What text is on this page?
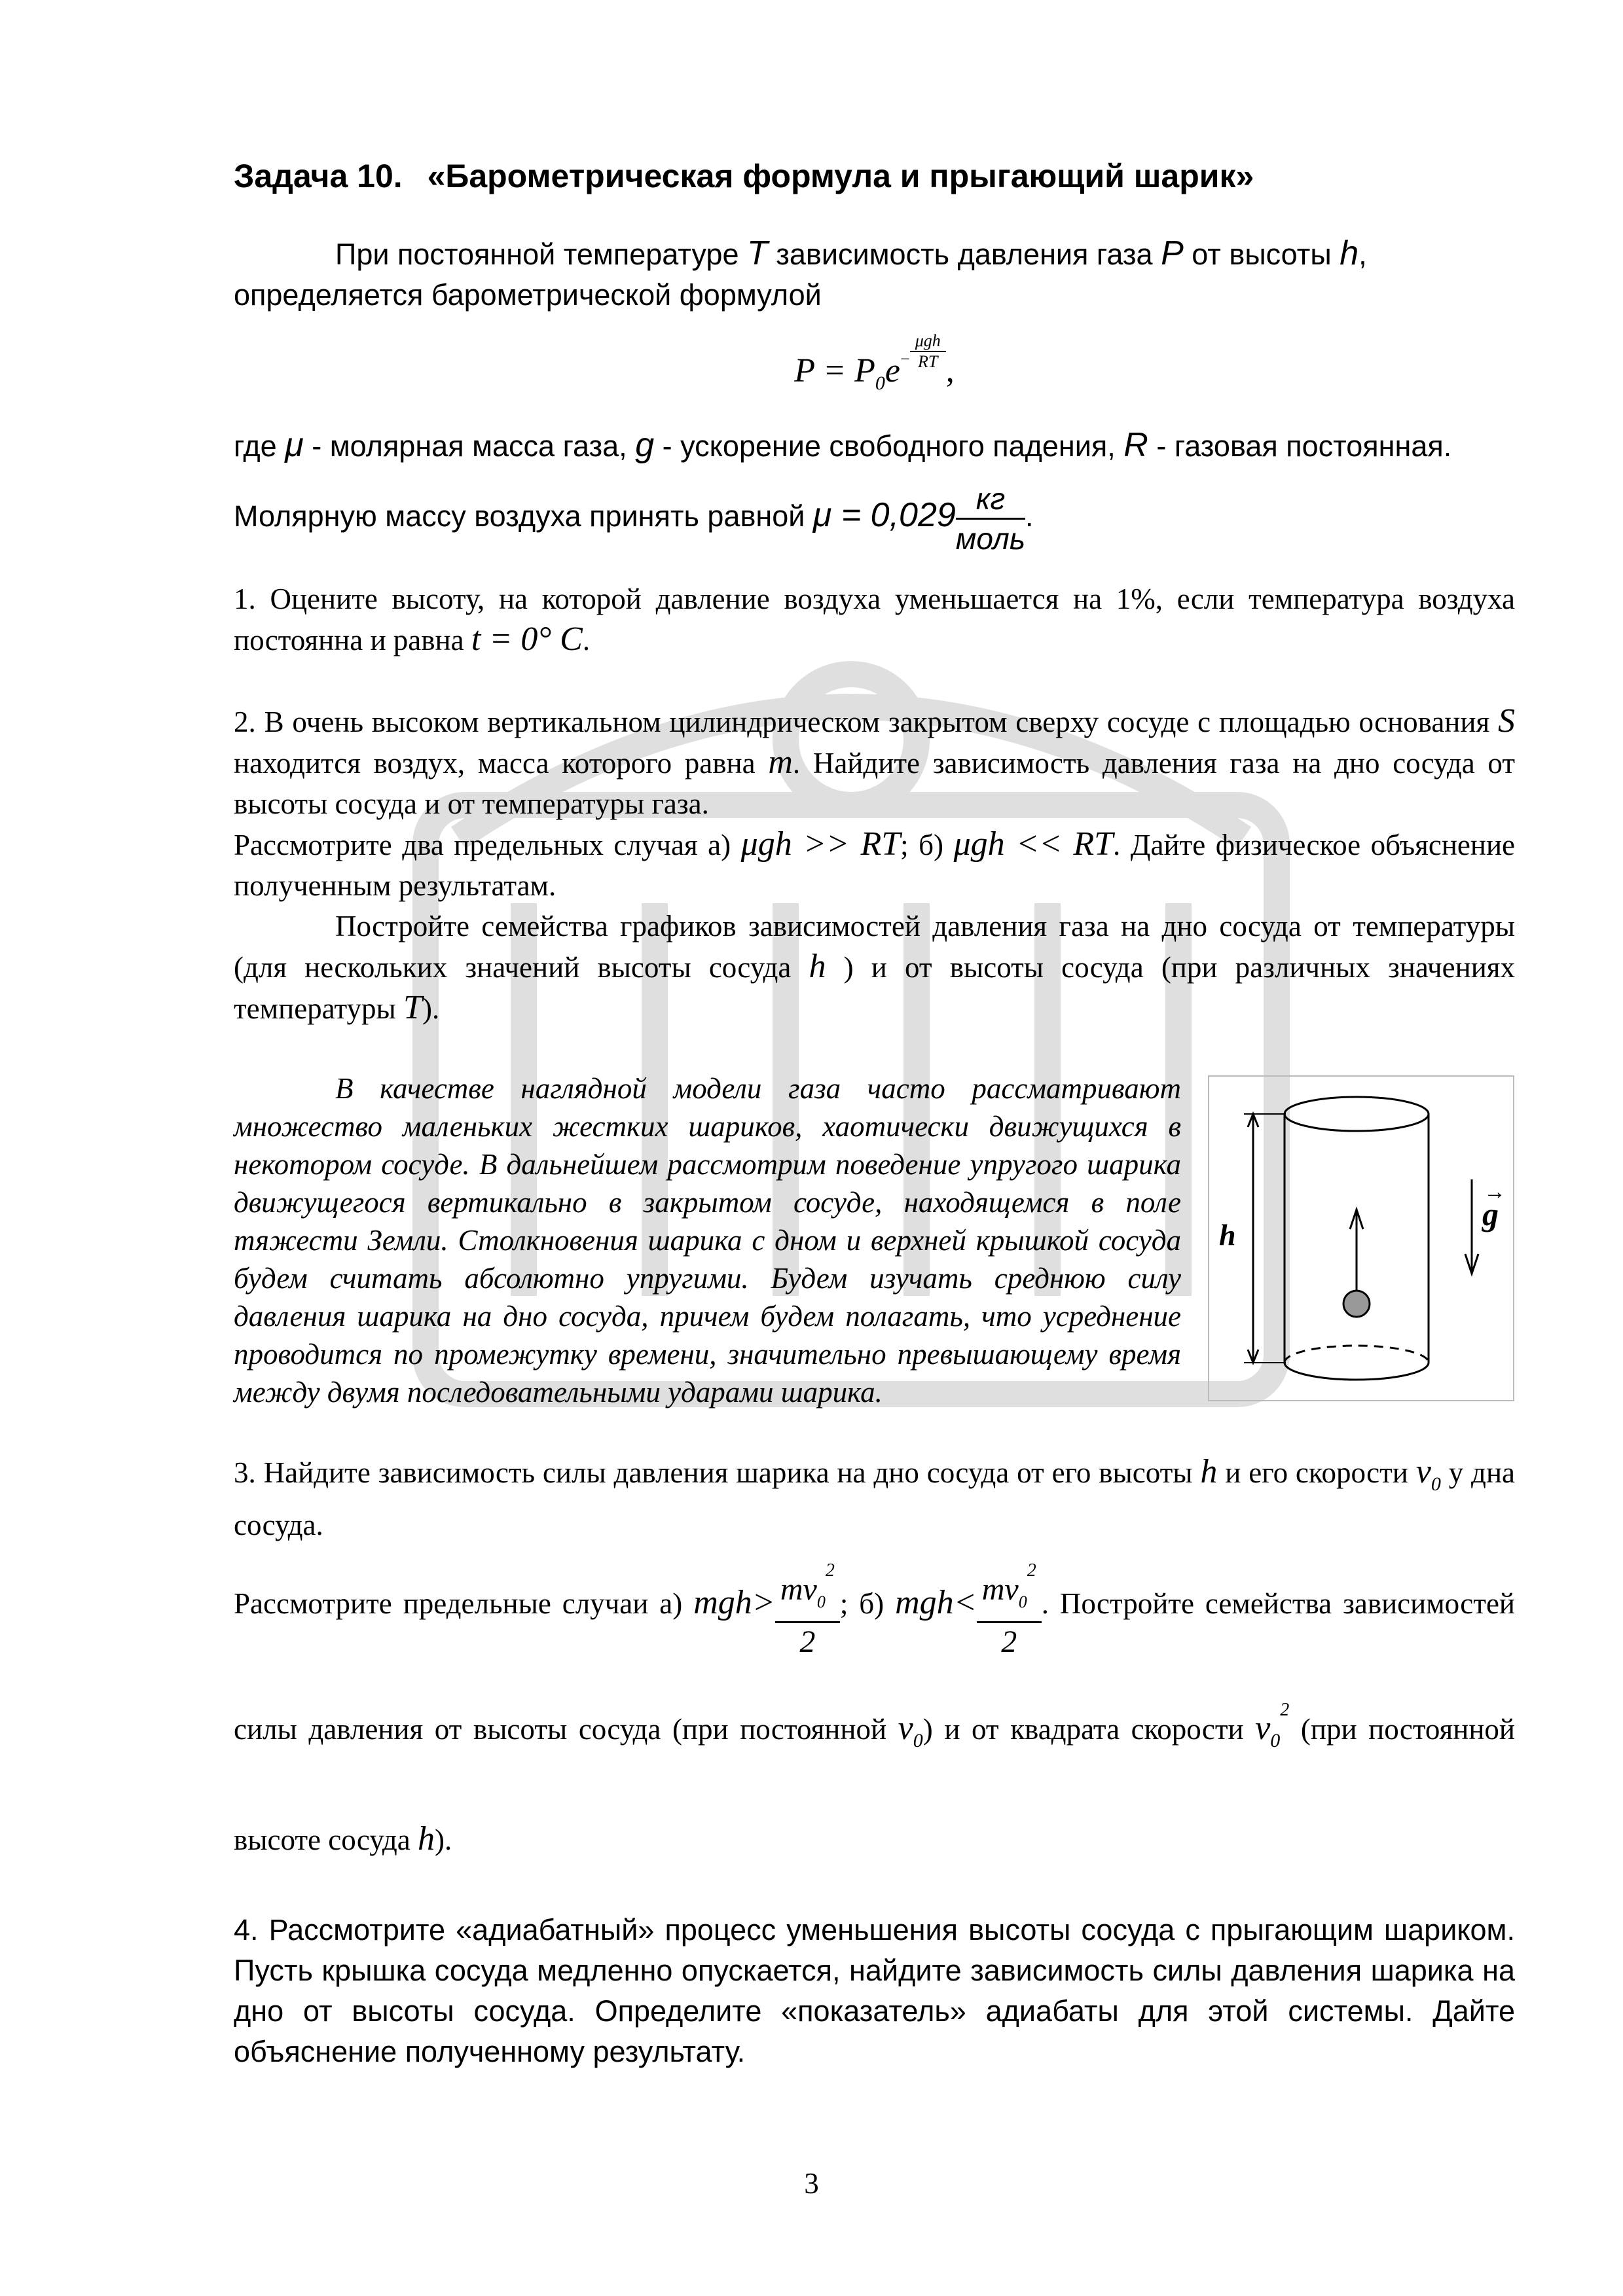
Задача 10. «Барометрическая формула и прыгающий шарик»

При постоянной температуре T зависимость давления газа P от высоты h,

определяется барометрической формулой

$P = P_0e- \frac{\text{μgh}}{RT}$ ,

где μ - молярная масса газа, g - ускорение свободного падения, R - газовая постоянная.

Молярную массу воздуха принять равной $\mu = 0,029 \frac{кг}{\text{моль}}$ .

1. Оцените высоту, на которой давление воздуха уменьшается на 1%, если температура воздуха постоянна и равна t = 0° C.

2. В очень высоком вертикальном цилиндрическом закрытом сверху сосуде с площадью основания S находится воздух, масса которого равна m. Найдите зависимость давления газа на дно сосуда от высоты сосуда и от температуры газа.

Рассмотрите два предельных случая а) μgh >> RT; б) μgh << RT. Дайте физическое объяснение полученным результатам.

Постройте семейства графиков зависимостей давления газа на дно сосуда от температуры (для нескольких значений высоты сосуда h ) и от высоты сосуда (при различных значениях температуры T).

h
g
→

В качестве наглядной модели газа часто рассматривают множество маленьких жестких шариков, хаотически движущихся в некотором сосуде. В дальнейшем рассмотрим поведение упругого шарика движущегося вертикально в закрытом сосуде, находящемся в поле тяжести Земли. Столкновения шарика с дном и верхней крышкой сосуда будем считать абсолютно упругими. Будем изучать среднюю силу давления шарика на дно сосуда, причем будем полагать, что усреднение проводится по промежутку времени, значительно превышающему время между двумя последовательными ударами шарика.

3. Найдите зависимость силы давления шарика на дно сосуда от его высоты h и его скорости $v_0$ у дна сосуда.

Рассмотрите предельные случаи а) $mgh> \frac{mv_0^2}{2}$ ; б) $mgh< \frac{mv_0^2}{2}$ . Постройте семейства зависимостей силы давления от высоты сосуда (при постоянной $v_0$) и от квадрата скорости $v_0^2$ (при постоянной высоте сосуда h).

4. Рассмотрите «адиабатный» процесс уменьшения высоты сосуда с прыгающим шариком. Пусть крышка сосуда медленно опускается, найдите зависимость силы давления шарика на дно от высоты сосуда. Определите «показатель» адиабаты для этой системы. Дайте объяснение полученному результату.

3
